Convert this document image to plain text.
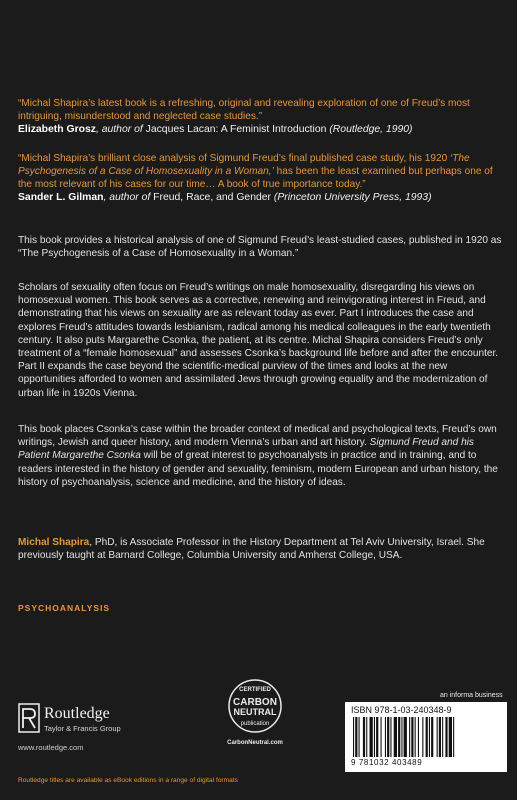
“Michal Shapira’s latest book is a refreshing, original and revealing exploration of one of Freud’s most intriguing, misunderstood and neglected case studies.”
Elizabeth Grosz, author of Jacques Lacan: A Feminist Introduction (Routledge, 1990)
“Michal Shapira’s brilliant close analysis of Sigmund Freud’s final published case study, his 1920 ‘The Psychogenesis of a Case of Homosexuality in a Woman,’ has been the least examined but perhaps one of the most relevant of his cases for our time… A book of true importance today.”
Sander L. Gilman, author of Freud, Race, and Gender (Princeton University Press, 1993)

This book provides a historical analysis of one of Sigmund Freud’s least-studied cases, published in 1920 as “The Psychogenesis of a Case of Homosexuality in a Woman.”

Scholars of sexuality often focus on Freud’s writings on male homosexuality, disregarding his views on homosexual women. This book serves as a corrective, renewing and reinvigorating interest in Freud, and demonstrating that his views on sexuality are as relevant today as ever. Part I introduces the case and explores Freud’s attitudes towards lesbianism, radical among his medical colleagues in the early twentieth century. It also puts Margarethe Csonka, the patient, at its centre. Michal Shapira considers Freud’s only treatment of a “female homosexual” and assesses Csonka’s background life before and after the encounter. Part II expands the case beyond the scientific-medical purview of the times and looks at the new opportunities afforded to women and assimilated Jews through growing equality and the modernization of urban life in 1920s Vienna.

This book places Csonka’s case within the broader context of medical and psychological texts, Freud’s own writings, Jewish and queer history, and modern Vienna’s urban and art history. Sigmund Freud and his Patient Margarethe Csonka will be of great interest to psychoanalysts in practice and in training, and to readers interested in the history of gender and sexuality, feminism, modern European and urban history, the history of psychoanalysis, science and medicine, and the history of ideas.

Michal Shapira, PhD, is Associate Professor in the History Department at Tel Aviv University, Israel. She previously taught at Barnard College, Columbia University and Amherst College, USA.

PSYCHOANALYSIS
Routledge
Taylor & Francis Group
www.routledge.com
CERTIFIED
CARBON
NEUTRAL
publication
CarbonNeutral.com
an informa business
ISBN 978-1-03-240348-9
9 781032 403489
Routledge titles are available as eBook editions in a range of digital formats
